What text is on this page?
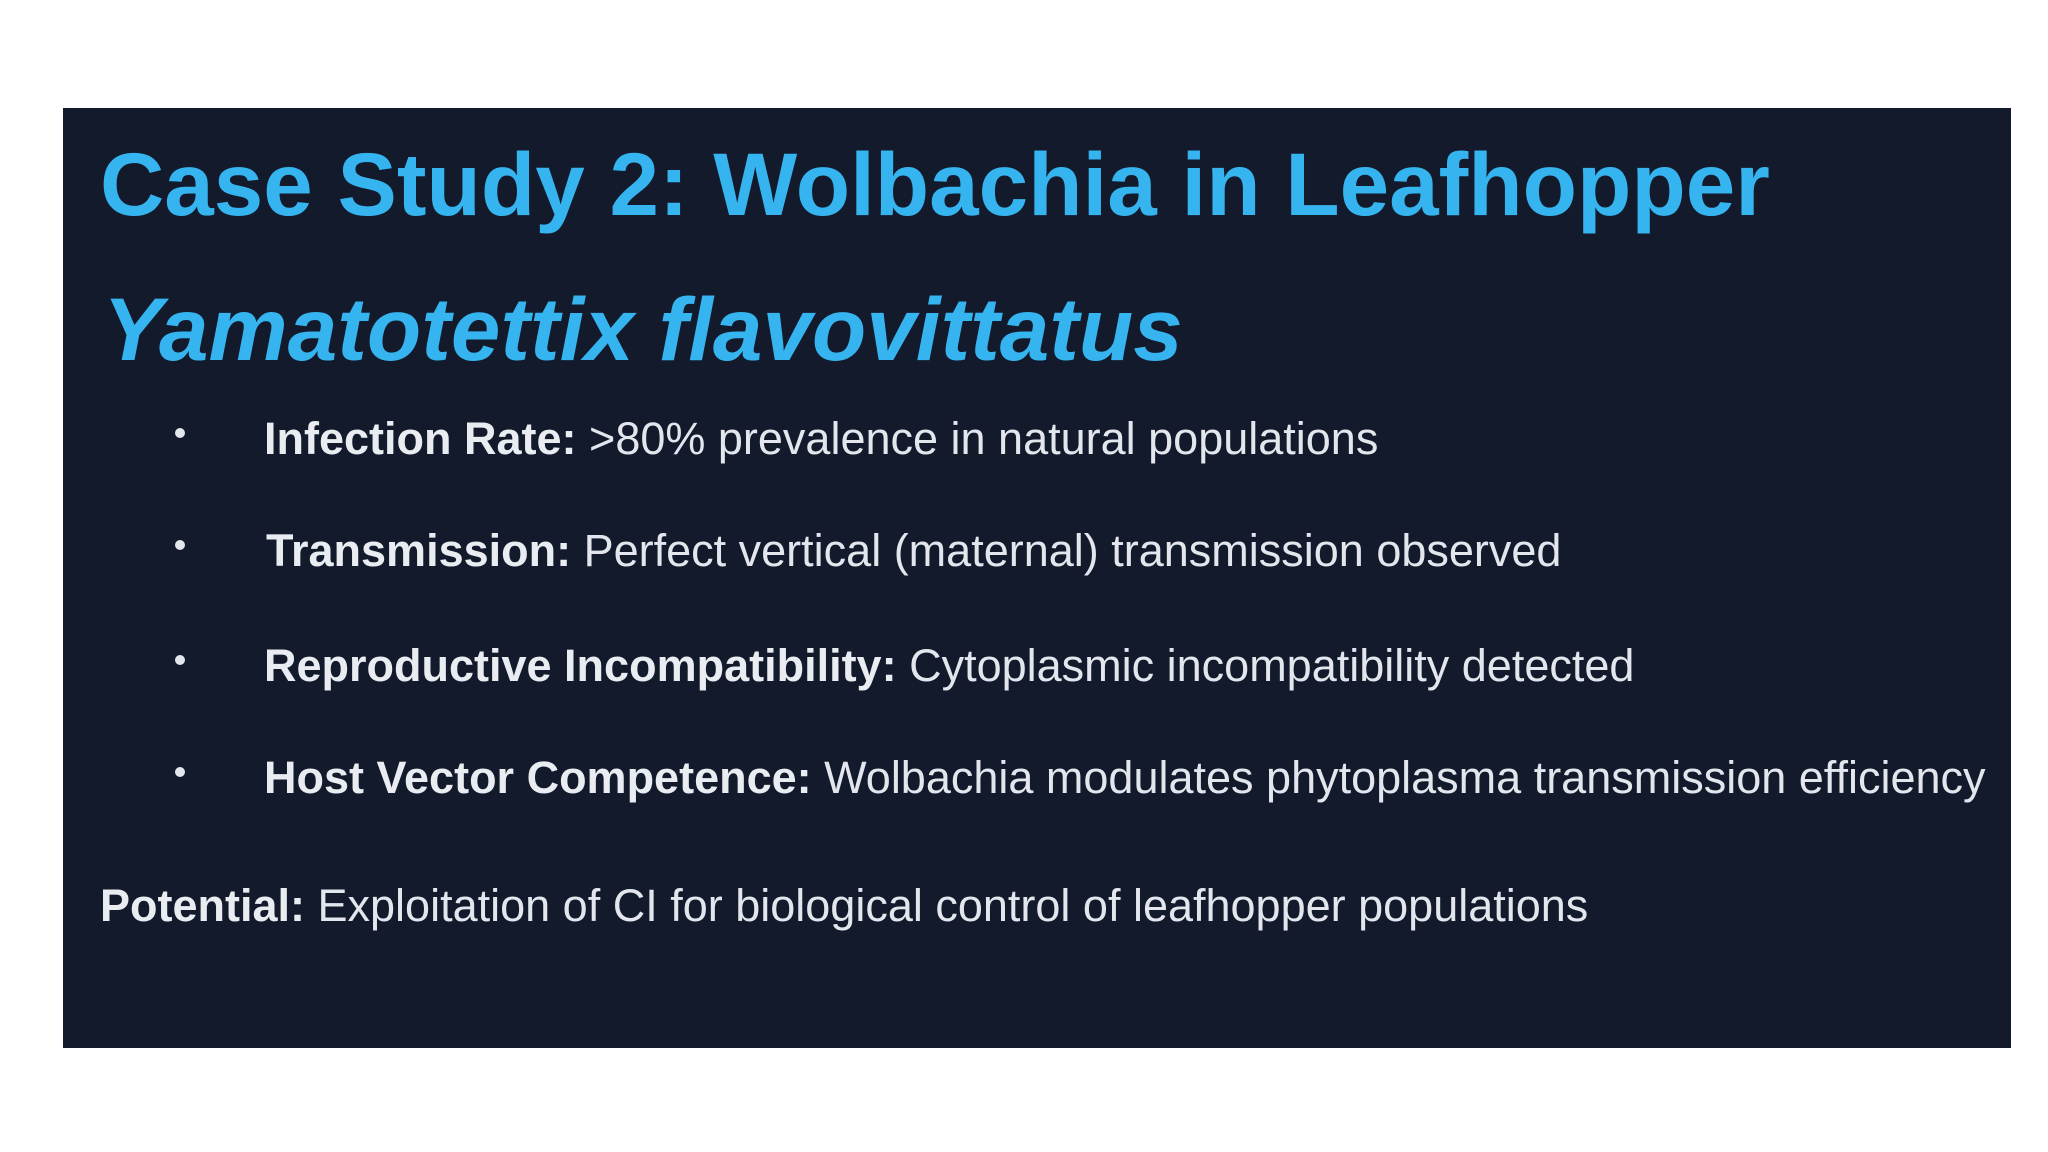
Case Study 2: Wolbachia in Leafhopper
Yamatotettix flavovittatus
Infection Rate: >80% prevalence in natural populations
Transmission: Perfect vertical (maternal) transmission observed
Reproductive Incompatibility: Cytoplasmic incompatibility detected
Host Vector Competence: Wolbachia modulates phytoplasma transmission efficiency

Potential: Exploitation of CI for biological control of leafhopper populations
